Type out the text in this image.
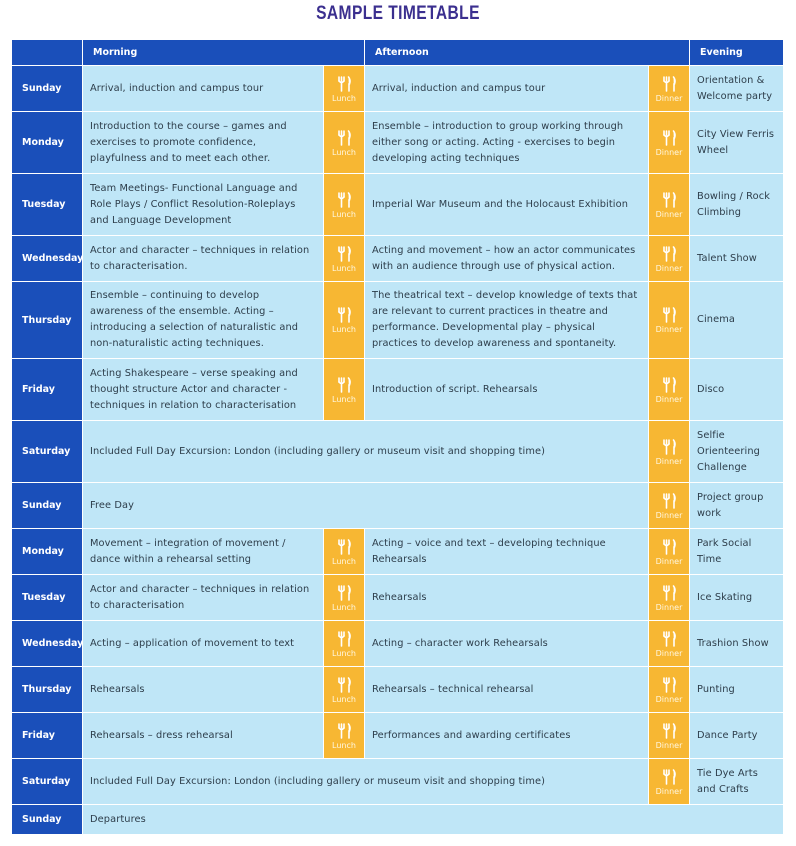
SAMPLE TIMETABLE
	Morning		Afternoon		Evening
Sunday	Arrival, induction and campus tour	Lunch	Arrival, induction and campus tour	Dinner	Orientation & Welcome party
Monday	Introduction to the course – games and exercises to promote confidence, playfulness and to meet each other.	Lunch	Ensemble – introduction to group working through either song or acting. Acting - exercises to begin developing acting techniques	Dinner	City View Ferris Wheel
Tuesday	Team Meetings- Functional Language and Role Plays / Conflict Resolution-Roleplays and Language Development	Lunch	Imperial War Museum and the Holocaust Exhibition	Dinner	Bowling / Rock Climbing
Wednesday	Actor and character – techniques in relation to characterisation.	Lunch	Acting and movement – how an actor communicates with an audience through use of physical action.	Dinner	Talent Show
Thursday	Ensemble – continuing to develop awareness of the ensemble. Acting – introducing a selection of naturalistic and non-naturalistic acting techniques.	Lunch	The theatrical text – develop knowledge of texts that are relevant to current practices in theatre and performance. Developmental play – physical practices to develop awareness and spontaneity.	Dinner	Cinema
Friday	Acting Shakespeare – verse speaking and thought structure Actor and character - techniques in relation to characterisation	Lunch	Introduction of script. Rehearsals	Dinner	Disco
Saturday	Included Full Day Excursion: London (including gallery or museum visit and shopping time)			Dinner	Selfie Orienteering Challenge
Sunday	Free Day			Dinner	Project group work
Monday	Movement – integration of movement / dance within a rehearsal setting	Lunch	Acting – voice and text – developing technique Rehearsals	Dinner	Park Social Time
Tuesday	Actor and character – techniques in relation to characterisation	Lunch	Rehearsals	Dinner	Ice Skating
Wednesday	Acting – application of movement to text	Lunch	Acting – character work Rehearsals	Dinner	Trashion Show
Thursday	Rehearsals	Lunch	Rehearsals – technical rehearsal	Dinner	Punting
Friday	Rehearsals – dress rehearsal	Lunch	Performances and awarding certificates	Dinner	Dance Party
Saturday	Included Full Day Excursion: London (including gallery or museum visit and shopping time)			Dinner	Tie Dye Arts and Crafts
Sunday	Departures				
